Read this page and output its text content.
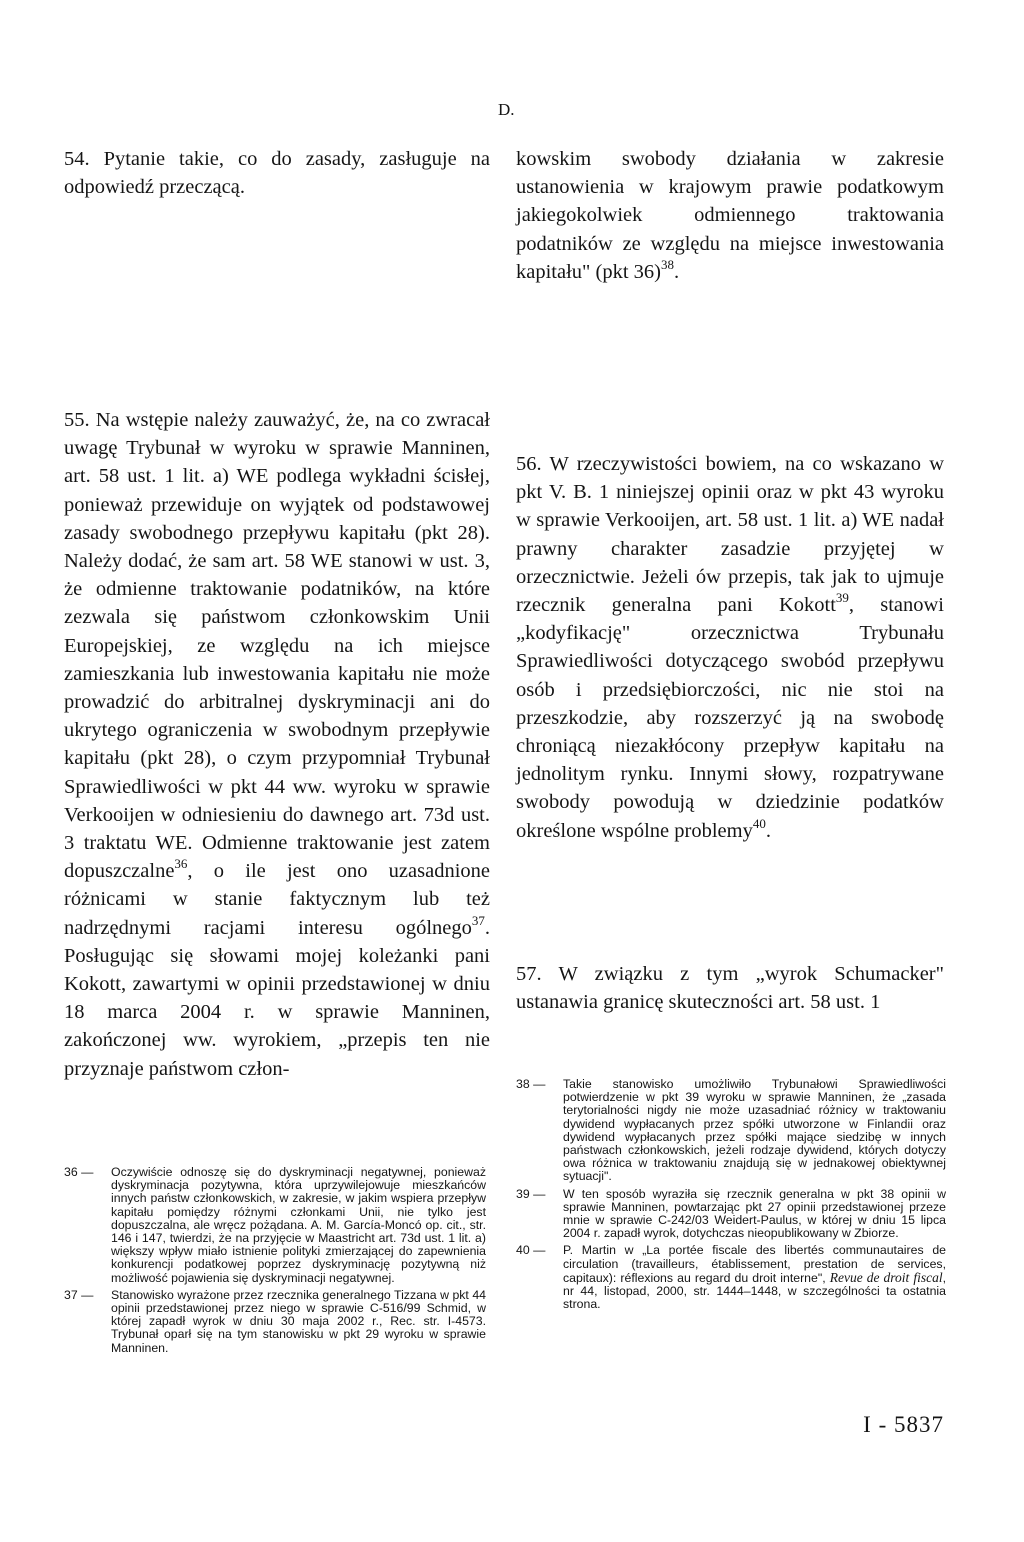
D.

54. Pytanie takie, co do zasady, zasługuje na odpowiedź przeczącą.

kowskim swobody działania w zakresie ustanowienia w krajowym prawie podatkowym jakiegokolwiek odmiennego traktowania podatników ze względu na miejsce inwestowania kapitału" (pkt 36)$^{38}$.

55. Na wstępie należy zauważyć, że, na co zwracał uwagę Trybunał w wyroku w sprawie Manninen, art. 58 ust. 1 lit. a) WE podlega wykładni ścisłej, ponieważ przewiduje on wyjątek od podstawowej zasady swobodnego przepływu kapitału (pkt 28). Należy dodać, że sam art. 58 WE stanowi w ust. 3, że odmienne traktowanie podatników, na które zezwala się państwom członkowskim Unii Europejskiej, ze względu na ich miejsce zamieszkania lub inwestowania kapitału nie może prowadzić do arbitralnej dyskryminacji ani do ukrytego ograniczenia w swobodnym przepływie kapitału (pkt 28), o czym przypomniał Trybunał Sprawiedliwości w pkt 44 ww. wyroku w sprawie Verkooijen w odniesieniu do dawnego art. 73d ust. 3 traktatu WE. Odmienne traktowanie jest zatem dopuszczalne$^{36}$, o ile jest ono uzasadnione różnicami w stanie faktycznym lub też nadrzędnymi racjami interesu ogólnego$^{37}$. Posługując się słowami mojej koleżanki pani Kokott, zawartymi w opinii przedstawionej w dniu 18 marca 2004 r. w sprawie Manninen, zakończonej ww. wyrokiem, „przepis ten nie przyznaje państwom człon-

56. W rzeczywistości bowiem, na co wskazano w pkt V. B. 1 niniejszej opinii oraz w pkt 43 wyroku w sprawie Verkooijen, art. 58 ust. 1 lit. a) WE nadał prawny charakter zasadzie przyjętej w orzecznictwie. Jeżeli ów przepis, tak jak to ujmuje rzecznik generalna pani Kokott$^{39}$, stanowi „kodyfikację" orzecznictwa Trybunału Sprawiedliwości dotyczącego swobód przepływu osób i przedsiębiorczości, nic nie stoi na przeszkodzie, aby rozszerzyć ją na swobodę chroniącą niezakłócony przepływ kapitału na jednolitym rynku. Innymi słowy, rozpatrywane swobody powodują w dziedzinie podatków określone wspólne problemy$^{40}$.

57. W związku z tym „wyrok Schumacker" ustanawia granicę skuteczności art. 58 ust. 1

36 —	Oczywiście odnoszę się do dyskryminacji negatywnej, ponieważ dyskryminacja pozytywna, która uprzywilejowuje mieszkańców innych państw członkowskich, w zakresie, w jakim wspiera przepływ kapitału pomiędzy różnymi członkami Unii, nie tylko jest dopuszczalna, ale wręcz pożądana. A. M. García-Moncó op. cit., str. 146 i 147, twierdzi, że na przyjęcie w Maastricht art. 73d ust. 1 lit. a) większy wpływ miało istnienie polityki zmierzającej do zapewnienia konkurencji podatkowej poprzez dyskryminację pozytywną niż możliwość pojawienia się dyskryminacji negatywnej.
37 —	Stanowisko wyrażone przez rzecznika generalnego Tizzana w pkt 44 opinii przedstawionej przez niego w sprawie C-516/99 Schmid, w której zapadł wyrok w dniu 30 maja 2002 r., Rec. str. I-4573. Trybunał oparł się na tym stanowisku w pkt 29 wyroku w sprawie Manninen.
38 —	Takie stanowisko umożliwiło Trybunałowi Sprawiedliwości potwierdzenie w pkt 39 wyroku w sprawie Manninen, że „zasada terytorialności nigdy nie może uzasadniać różnicy w traktowaniu dywidend wypłacanych przez spółki utworzone w Finlandii oraz dywidend wypłacanych przez spółki mające siedzibę w innych państwach członkowskich, jeżeli rodzaje dywidend, których dotyczy owa różnica w traktowaniu znajdują się w jednakowej obiektywnej sytuacji".
39 —	W ten sposób wyraziła się rzecznik generalna w pkt 38 opinii w sprawie Manninen, powtarzając pkt 27 opinii przedstawionej przeze mnie w sprawie C-242/03 Weidert-Paulus, w której w dniu 15 lipca 2004 r. zapadł wyrok, dotychczas nieopublikowany w Zbiorze.
40 —	P. Martin w „La portée fiscale des libertés communautaires de circulation (travailleurs, établissement, prestation de services, capitaux): réflexions au regard du droit interne", Revue de droit fiscal, nr 44, listopad, 2000, str. 1444–1448, w szczególności ta ostatnia strona.
I - 5837
